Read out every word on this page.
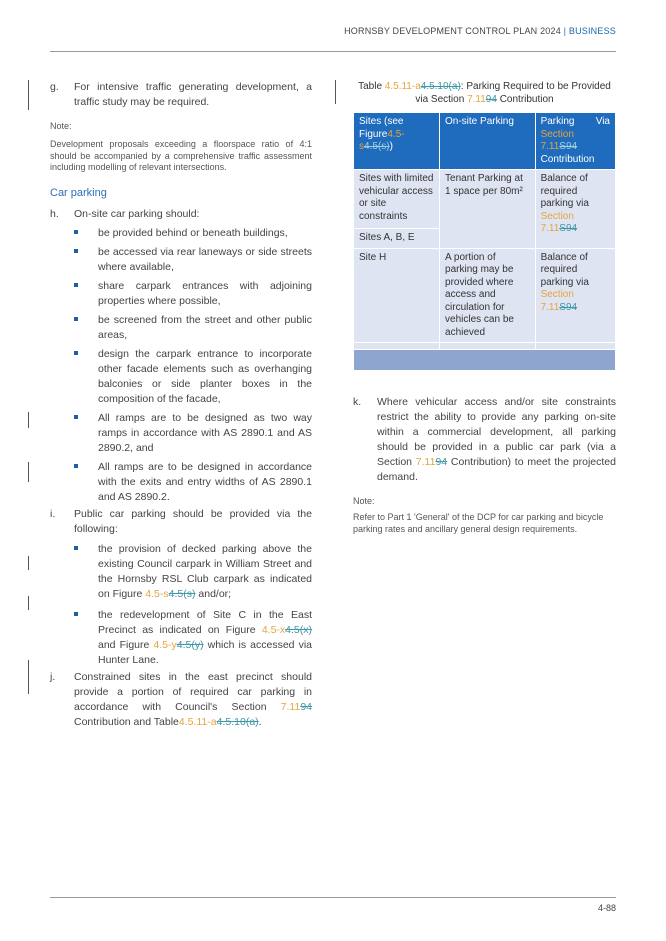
HORNSBY DEVELOPMENT CONTROL PLAN 2024 | BUSINESS
g. For intensive traffic generating development, a traffic study may be required.

Note:

Development proposals exceeding a floorspace ratio of 4:1 should be accompanied by a comprehensive traffic assessment including modelling of relevant intersections.

Car parking

h. On-site car parking should:

be provided behind or beneath buildings,
be accessed via rear laneways or side streets where available,
share carpark entrances with adjoining properties where possible,
be screened from the street and other public areas,
design the carpark entrance to incorporate other facade elements such as overhanging balconies or side planter boxes in the composition of the facade,
All ramps are to be designed as two way ramps in accordance with AS 2890.1 and AS 2890.2, and
All ramps are to be designed in accordance with the exits and entry widths of AS 2890.1 and AS 2890.2.
i. Public car parking should be provided via the following:

the provision of decked parking above the existing Council carpark in William Street and the Hornsby RSL Club carpark as indicated on Figure 4.5-s4.5(s) and/or;
the redevelopment of Site C in the East Precinct as indicated on Figure 4.5-x4.5(x) and Figure 4.5-y4.5(y) which is accessed via Hunter Lane.
j. Constrained sites in the east precinct should provide a portion of required car parking in accordance with Council's Section 7.1194 Contribution and Table4.5.11-a4.5.10(a).

Table 4.5.11-a4.5.10(a): Parking Required to be Provided via Section 7.1194 Contribution

Sites (see Figure4.5-s4.5(s))	On-site Parking	Parking Via
Section 7.11S94
Contribution

Sites with limited vehicular access or site constraints
Sites A, B, E	Tenant Parking at 1 space per 80m²	Balance of required parking via Section 7.11S94
Site H	A portion of parking may be provided where access and circulation for vehicles can be achieved	Balance of required parking via Section 7.11S94

k. Where vehicular access and/or site constraints restrict the ability to provide any parking on-site within a commercial development, all parking should be provided in a public car park (via a Section 7.1194 Contribution) to meet the projected demand.

Note:

Refer to Part 1 'General' of the DCP for car parking and bicycle parking rates and ancillary general design requirements.

4-88
